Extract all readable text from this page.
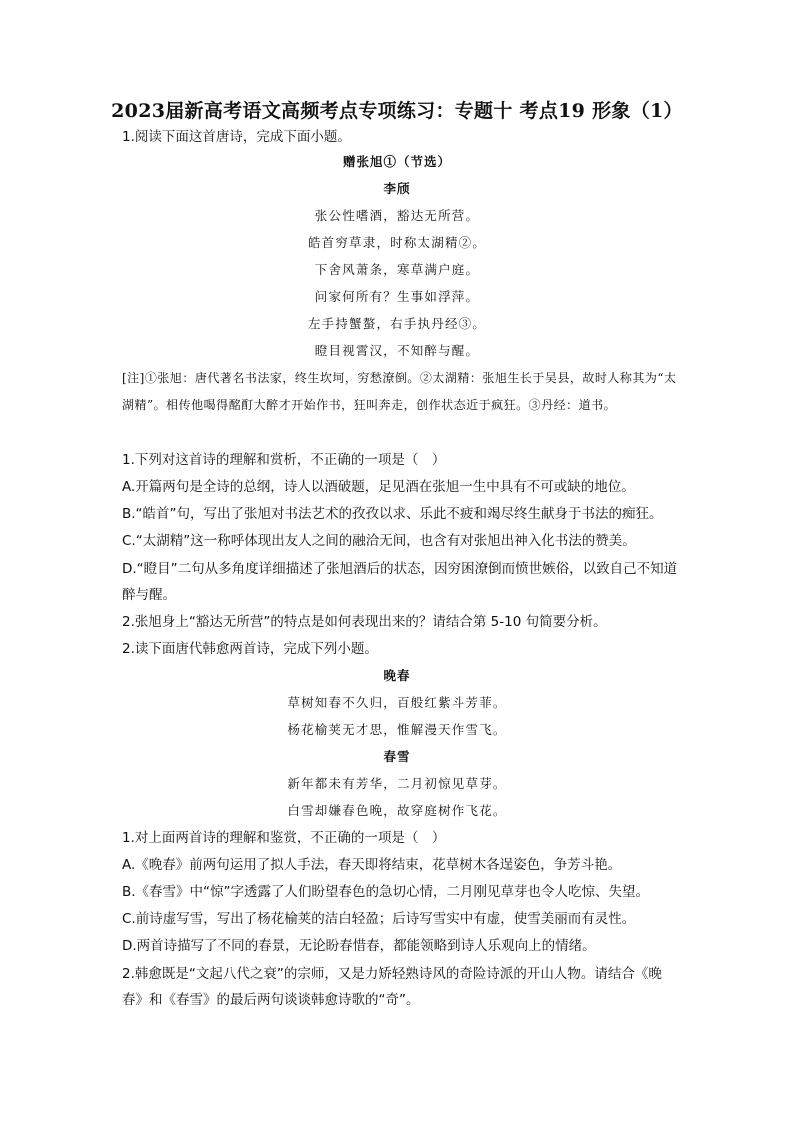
2023届新高考语文高频考点专项练习：专题十 考点19 形象（1）

1.阅读下面这首唐诗，完成下面小题。

赠张旭①（节选）

李颀

张公性嗜酒，豁达无所营。

皓首穷草隶，时称太湖精②。

下舍风萧条，寒草满户庭。

问家何所有？生事如浮萍。

左手持蟹螯，右手执丹经③。

瞪目视霄汉，不知醉与醒。

[注]①张旭：唐代著名书法家，终生坎坷，穷愁潦倒。②太湖精：张旭生长于吴县，故时人称其为“太湖精”。相传他喝得酩酊大醉才开始作书，狂叫奔走，创作状态近于疯狂。③丹经：道书。

1.下列对这首诗的理解和赏析，不正确的一项是（　）

A.开篇两句是全诗的总纲，诗人以酒破题，足见酒在张旭一生中具有不可或缺的地位。

B.“皓首”句，写出了张旭对书法艺术的孜孜以求、乐此不疲和竭尽终生献身于书法的痴狂。

C.“太湖精”这一称呼体现出友人之间的融洽无间，也含有对张旭出神入化书法的赞美。

D.“瞪目”二句从多角度详细描述了张旭酒后的状态，因穷困潦倒而愤世嫉俗，以致自己不知道醉与醒。

2.张旭身上“豁达无所营”的特点是如何表现出来的？请结合第 5-10 句简要分析。

2.读下面唐代韩愈两首诗，完成下列小题。

晚春

草树知春不久归，百般红紫斗芳菲。

杨花榆荚无才思，惟解漫天作雪飞。

春雪

新年都未有芳华，二月初惊见草芽。

白雪却嫌春色晚，故穿庭树作飞花。

1.对上面两首诗的理解和鉴赏，不正确的一项是（　）

A.《晚春》前两句运用了拟人手法，春天即将结束，花草树木各逞姿色，争芳斗艳。

B.《春雪》中“惊”字透露了人们盼望春色的急切心情，二月刚见草芽也令人吃惊、失望。

C.前诗虚写雪，写出了杨花榆荚的洁白轻盈；后诗写雪实中有虚，使雪美丽而有灵性。

D.两首诗描写了不同的春景，无论盼春惜春，都能领略到诗人乐观向上的情绪。

2.韩愈既是“文起八代之衰”的宗师，又是力矫轻熟诗风的奇险诗派的开山人物。请结合《晚春》和《春雪》的最后两句谈谈韩愈诗歌的“奇”。
